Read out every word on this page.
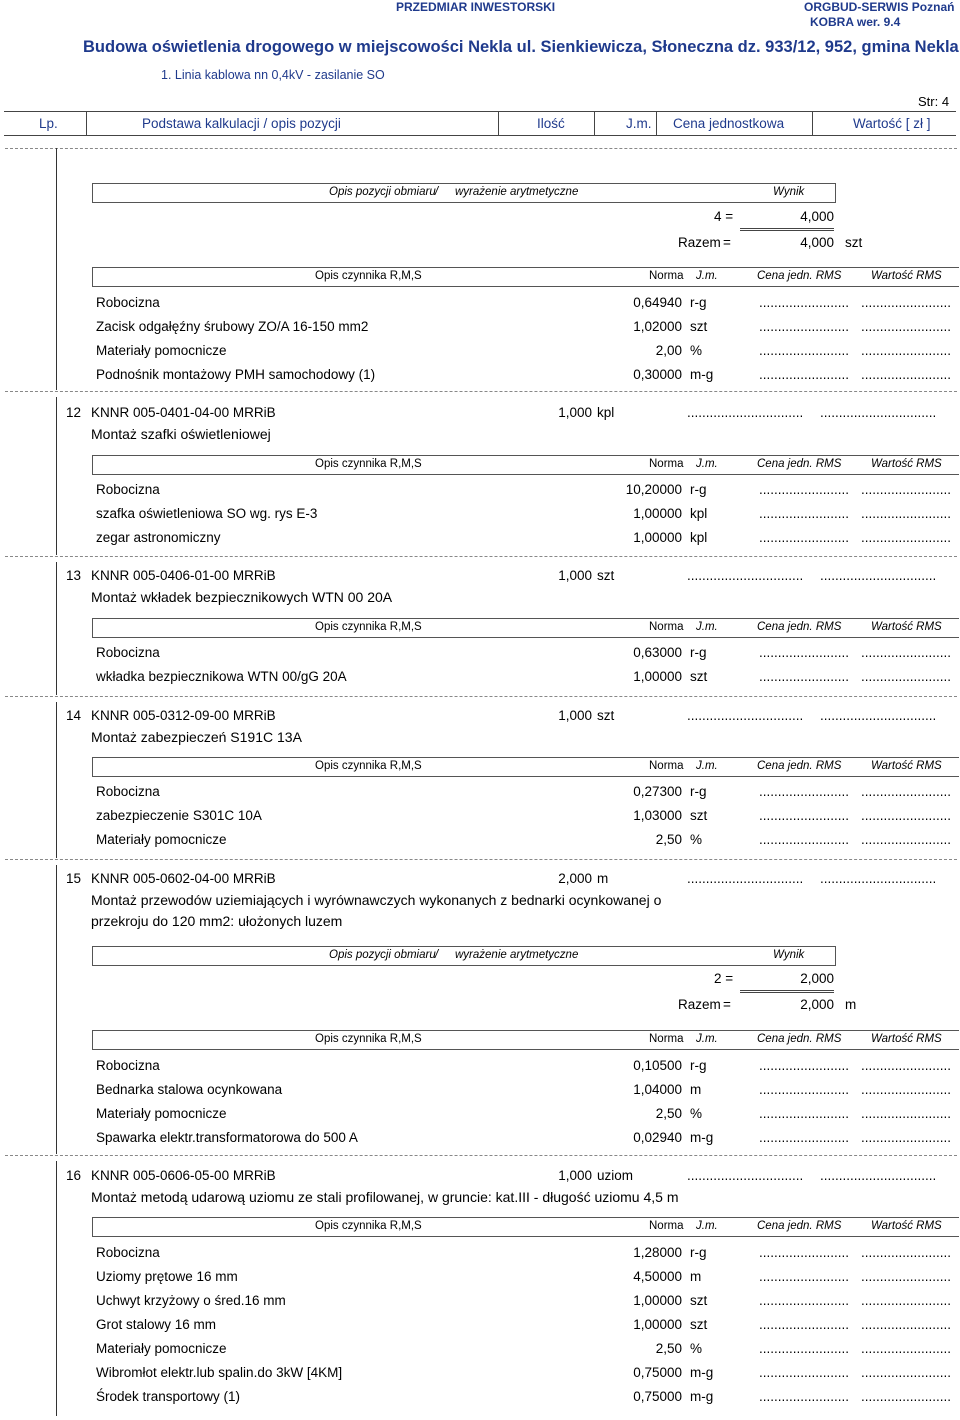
PRZEDMIAR INWESTORSKI	ORGBUD-SERWIS Poznań
KOBRA wer. 9.4
Budowa oświetlenia drogowego w miejscowości Nekla ul. Sienkiewicza, Słoneczna dz. 933/12, 952, gmina Nekla
1. Linia kablowa nn 0,4kV - zasilanie SO
Str: 4
Lp.	Podstawa kalkulacji / opis pozycji	Ilość	J.m. Cena jednostkowa	Wartość [ zł ]
Opis pozycji obmiaru / wyrażenie arytmetyczne	Wynik
4 =	4,000
Razem =	4,000 szt
Opis czynnika R,M,S	Norma J.m.	Cena jedn. RMS	Wartość RMS
Robocizna	0,64940 r-g	........................ ........................
Zacisk odgałęźny śrubowy ZO/A 16-150 mm2	1,02000 szt	........................ ........................
Materiały pomocnicze	2,00 %	........................ ........................
Podnośnik montażowy PMH samochodowy (1)	0,30000 m-g	........................ ........................
12 KNNR 005-0401-04-00 MRRiB	1,000 kpl	............................... ...............................
Montaż szafki oświetleniowej
Opis czynnika R,M,S	Norma J.m.	Cena jedn. RMS	Wartość RMS
Robocizna	10,20000 r-g	........................ ........................
szafka oświetleniowa SO wg. rys E-3	1,00000 kpl	........................ ........................
zegar astronomiczny	1,00000 kpl	........................ ........................
13 KNNR 005-0406-01-00 MRRiB	1,000 szt	............................... ...............................
Montaż wkładek bezpiecznikowych WTN 00 20A
Opis czynnika R,M,S	Norma J.m.	Cena jedn. RMS	Wartość RMS
Robocizna	0,63000 r-g	........................ ........................
wkładka bezpiecznikowa WTN 00/gG 20A	1,00000 szt	........................ ........................
14 KNNR 005-0312-09-00 MRRiB	1,000 szt	............................... ...............................
Montaż zabezpieczeń S191C 13A
Opis czynnika R,M,S	Norma J.m.	Cena jedn. RMS	Wartość RMS
Robocizna	0,27300 r-g	........................ ........................
zabezpieczenie S301C 10A	1,03000 szt	........................ ........................
Materiały pomocnicze	2,50 %	........................ ........................
15 KNNR 005-0602-04-00 MRRiB	2,000 m	............................... ...............................
Montaż przewodów uziemiających i wyrównawczych wykonanych z bednarki ocynkowanej o
przekroju do 120 mm2: ułożonych luzem
Opis pozycji obmiaru / wyrażenie arytmetyczne	Wynik
2 =	2,000
Razem =	2,000 m
Opis czynnika R,M,S	Norma J.m.	Cena jedn. RMS	Wartość RMS
Robocizna	0,10500 r-g	........................ ........................
Bednarka stalowa ocynkowana	1,04000 m	........................ ........................
Materiały pomocnicze	2,50 %	........................ ........................
Spawarka elektr.transformatorowa do 500 A	0,02940 m-g	........................ ........................
16 KNNR 005-0606-05-00 MRRiB	1,000 uziom	............................... ...............................
Montaż metodą udarową uziomu ze stali profilowanej, w gruncie: kat.III - długość uziomu 4,5 m
Opis czynnika R,M,S	Norma J.m.	Cena jedn. RMS	Wartość RMS
Robocizna	1,28000 r-g	........................ ........................
Uziomy prętowe 16 mm	4,50000 m	........................ ........................
Uchwyt krzyżowy o śred.16 mm	1,00000 szt	........................ ........................
Grot stalowy 16 mm	1,00000 szt	........................ ........................
Materiały pomocnicze	2,50 %	........................ ........................
Wibromłot elektr.lub spalin.do 3kW [4KM]	0,75000 m-g	........................ ........................
Środek transportowy (1)	0,75000 m-g	........................ ........................
